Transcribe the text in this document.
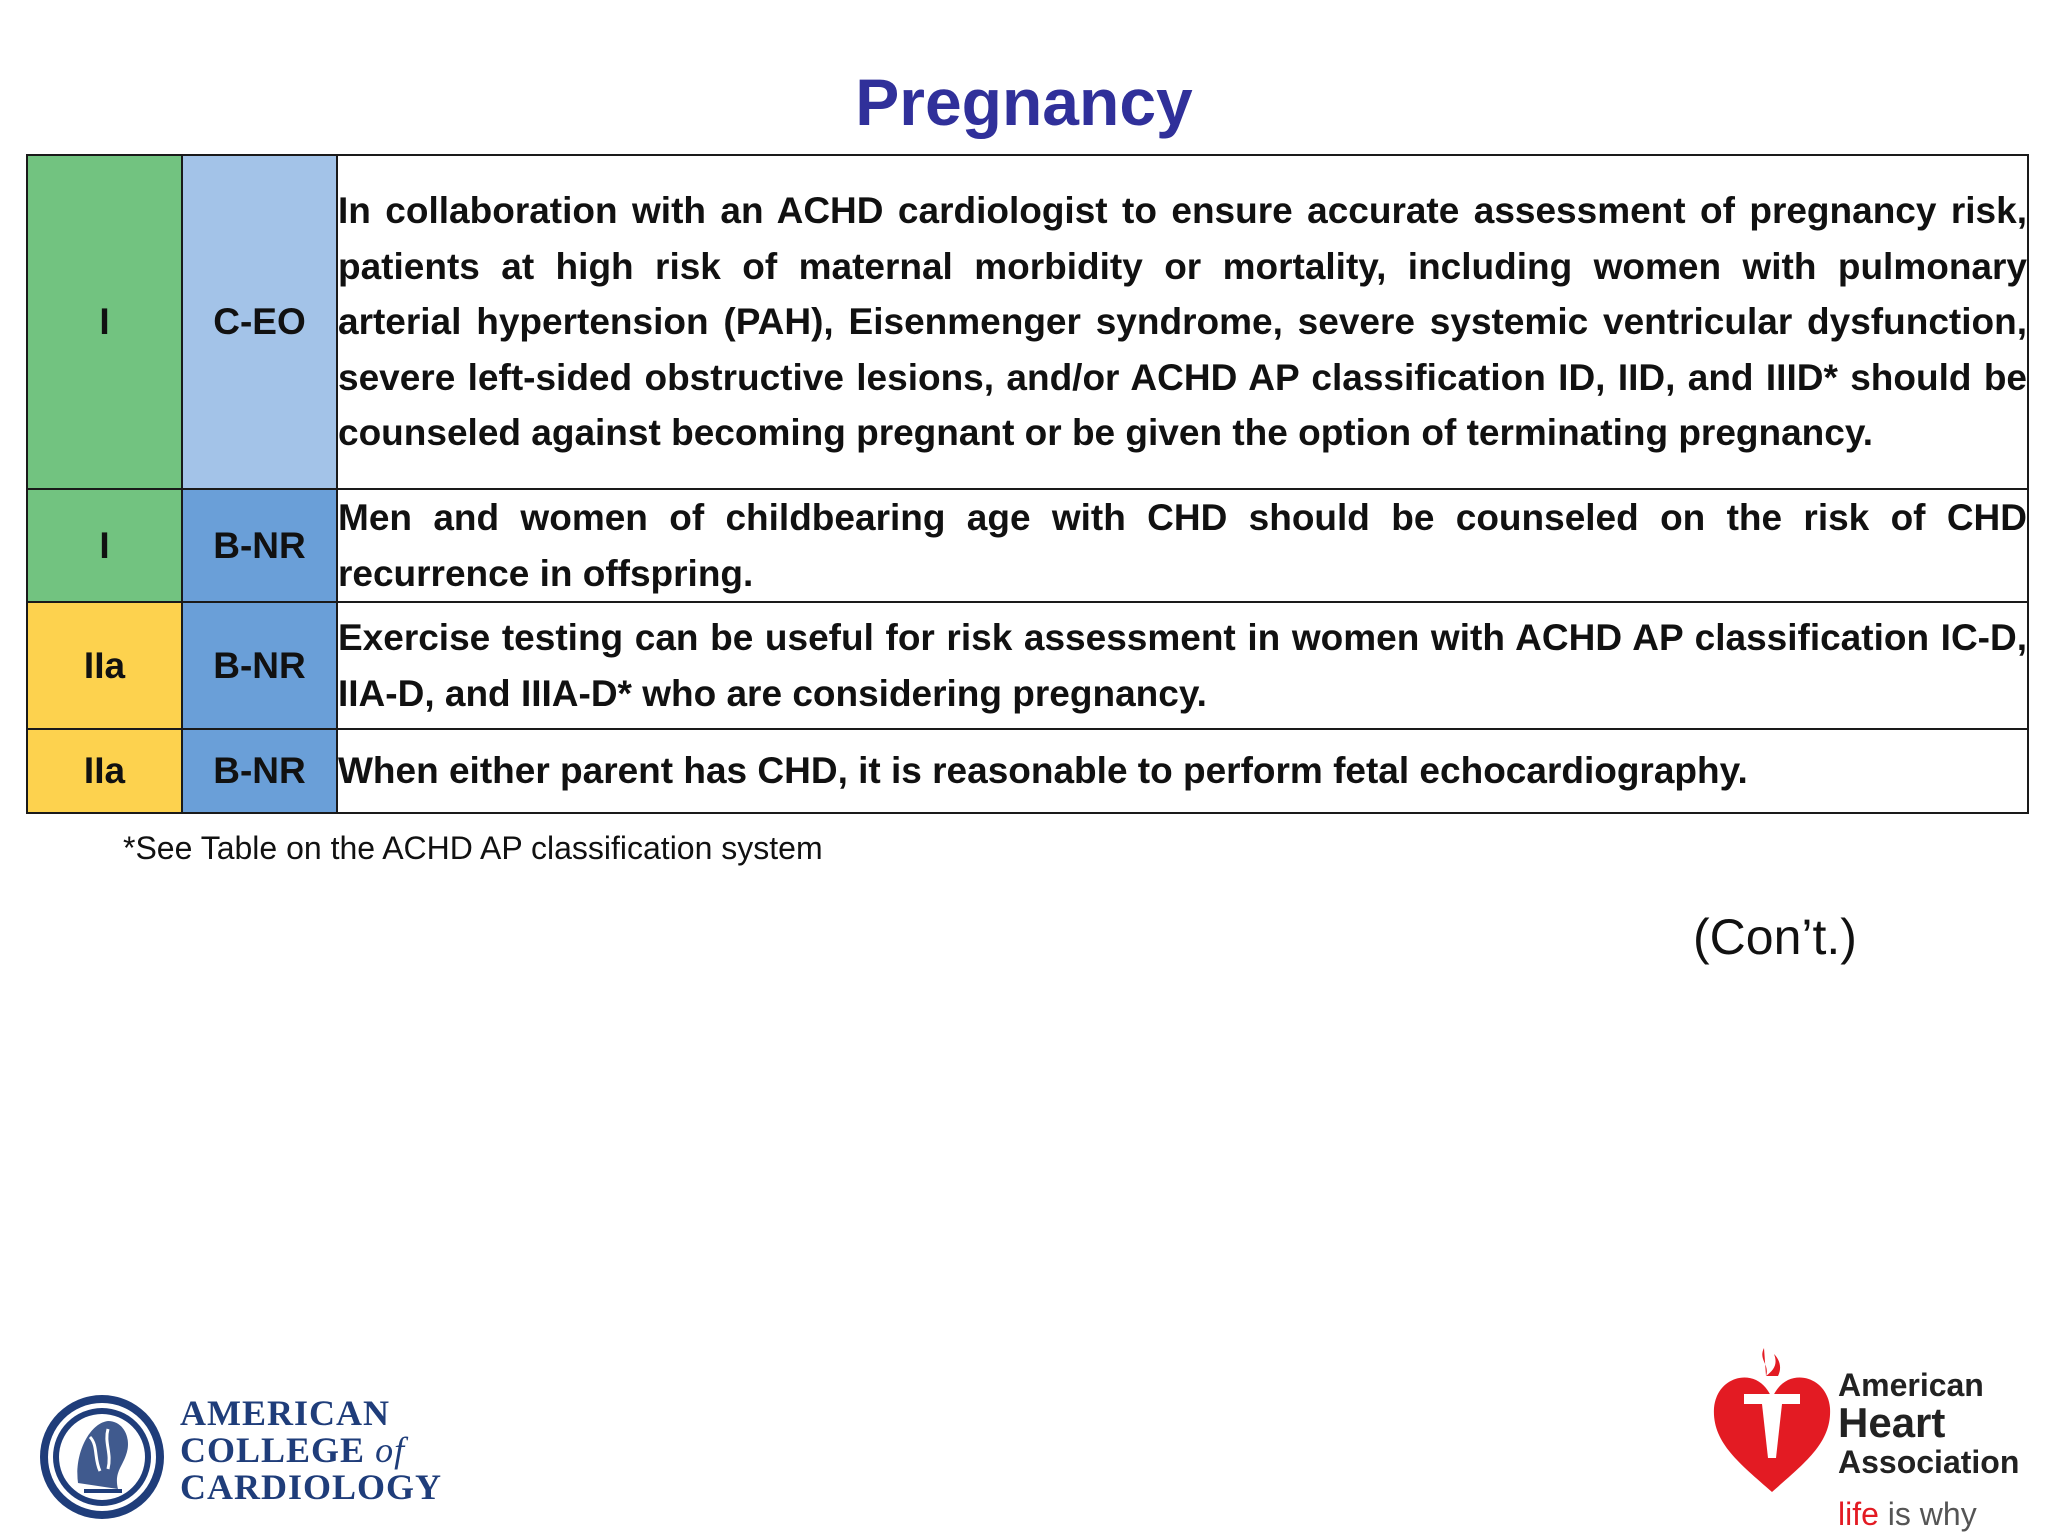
Pregnancy
I	C-EO	In collaboration with an ACHD cardiologist to ensure accurate assessment of pregnancy risk, patients at high risk of maternal morbidity or mortality, including women with pulmonary arterial hypertension (PAH), Eisenmenger syndrome, severe systemic ventricular dysfunction, severe left-sided obstructive lesions, and/or ACHD AP classification ID, IID, and IIID* should be counseled against becoming pregnant or be given the option of terminating pregnancy.
I	B-NR	Men and women of childbearing age with CHD should be counseled on the risk of CHD recurrence in offspring.
IIa	B-NR	Exercise testing can be useful for risk assessment in women with ACHD AP classification IC-D, IIA-D, and IIIA-D* who are considering pregnancy.
IIa	B-NR	When either parent has CHD, it is reasonable to perform fetal echocardiography.

*See Table on the ACHD AP classification system

(Con’t.)

AMERICAN
COLLEGE of
CARDIOLOGY
American
Heart
Association
life is why
